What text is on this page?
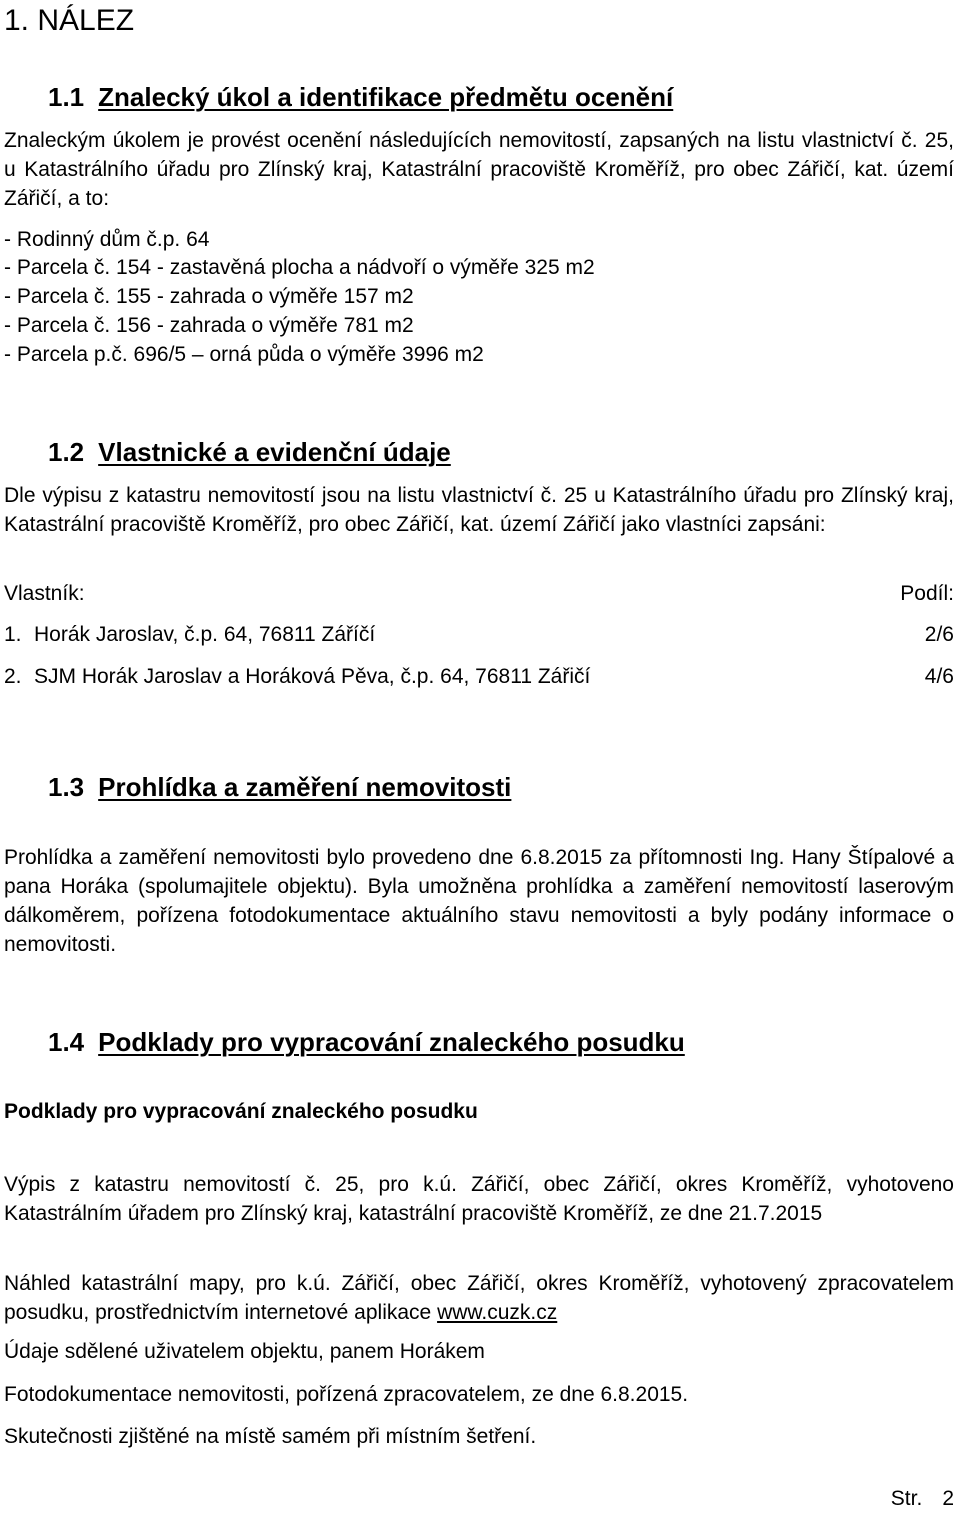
1. NÁLEZ
1.1 Znalecký úkol a identifikace předmětu ocenění
Znaleckým úkolem je provést ocenění následujících nemovitostí, zapsaných na listu vlastnictví č. 25, u Katastrálního úřadu pro Zlínský kraj, Katastrální pracoviště Kroměříž, pro obec Zářičí, kat. území Zářičí, a to:
- Rodinný dům č.p. 64
- Parcela č. 154 - zastavěná plocha a nádvoří o výměře 325 m2
- Parcela č. 155 - zahrada o výměře 157 m2
- Parcela č. 156 - zahrada o výměře 781 m2
- Parcela p.č. 696/5 – orná půda o výměře 3996 m2
1.2 Vlastnické a evidenční údaje
Dle výpisu z katastru nemovitostí jsou na listu vlastnictví č. 25 u Katastrálního úřadu pro Zlínský kraj, Katastrální pracoviště Kroměříž, pro obec Zářičí, kat. území Zářičí jako vlastníci zapsáni:
Vlastník:	Podíl:
1. Horák Jaroslav, č.p. 64, 76811 Záříčí	2/6
2. SJM Horák Jaroslav a Horáková Pěva, č.p. 64, 76811 Zářičí	4/6
1.3 Prohlídka a zaměření nemovitosti
Prohlídka a zaměření nemovitosti bylo provedeno dne 6.8.2015 za přítomnosti Ing. Hany Štípalové a pana Horáka (spolumajitele objektu). Byla umožněna prohlídka a zaměření nemovitostí laserovým dálkoměrem, pořízena fotodokumentace aktuálního stavu nemovitosti a byly podány informace o nemovitosti.
1.4 Podklady pro vypracování znaleckého posudku
Podklady pro vypracování znaleckého posudku
Výpis z katastru nemovitostí č. 25, pro k.ú. Zářičí, obec Zářičí, okres Kroměříž, vyhotoveno Katastrálním úřadem pro Zlínský kraj, katastrální pracoviště Kroměříž, ze dne 21.7.2015
Náhled katastrální mapy, pro k.ú. Zářičí, obec Zářičí, okres Kroměříž, vyhotovený zpracovatelem posudku, prostřednictvím internetové aplikace www.cuzk.cz
Údaje sdělené uživatelem objektu, panem Horákem
Fotodokumentace nemovitosti, pořízená zpracovatelem, ze dne 6.8.2015.
Skutečnosti zjištěné na místě samém při místním šetření.
Str. 2
